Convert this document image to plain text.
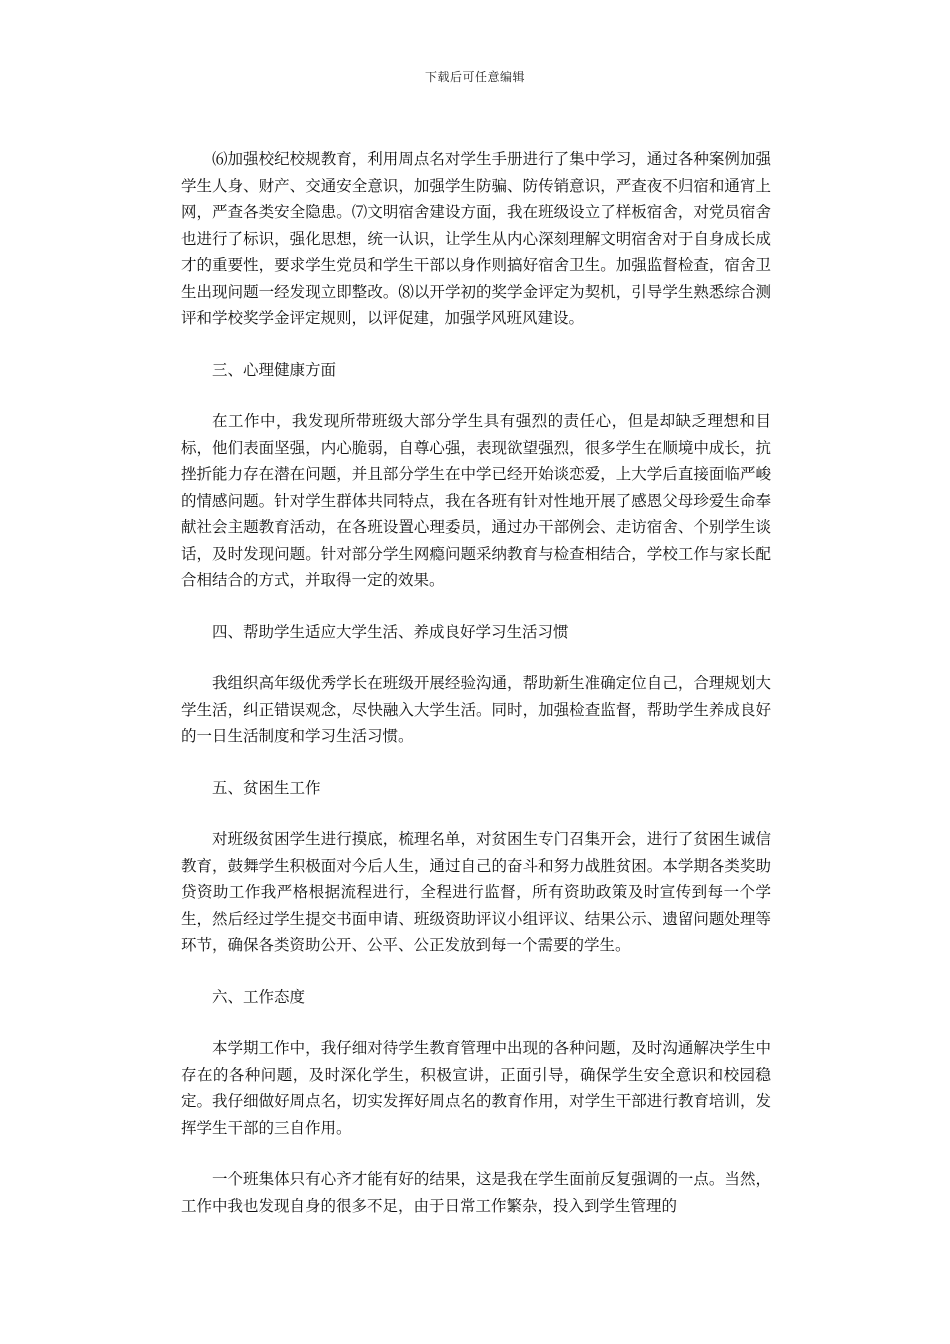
下载后可任意编辑

⑹加强校纪校规教育，利用周点名对学生手册进行了集中学习，通过各种案例加强学生人身、财产、交通安全意识，加强学生防骗、防传销意识，严查夜不归宿和通宵上网，严查各类安全隐患。⑺文明宿舍建设方面，我在班级设立了样板宿舍，对党员宿舍也进行了标识，强化思想，统一认识，让学生从内心深刻理解文明宿舍对于自身成长成才的重要性，要求学生党员和学生干部以身作则搞好宿舍卫生。加强监督检查，宿舍卫生出现问题一经发现立即整改。⑻以开学初的奖学金评定为契机，引导学生熟悉综合测评和学校奖学金评定规则，以评促建，加强学风班风建设。

三、心理健康方面

在工作中，我发现所带班级大部分学生具有强烈的责任心，但是却缺乏理想和目标，他们表面坚强，内心脆弱，自尊心强，表现欲望强烈，很多学生在顺境中成长，抗挫折能力存在潜在问题，并且部分学生在中学已经开始谈恋爱，上大学后直接面临严峻的情感问题。针对学生群体共同特点，我在各班有针对性地开展了感恩父母珍爱生命奉献社会主题教育活动，在各班设置心理委员，通过办干部例会、走访宿舍、个别学生谈话，及时发现问题。针对部分学生网瘾问题采纳教育与检查相结合，学校工作与家长配合相结合的方式，并取得一定的效果。

四、帮助学生适应大学生活、养成良好学习生活习惯

我组织高年级优秀学长在班级开展经验沟通，帮助新生准确定位自己，合理规划大学生活，纠正错误观念，尽快融入大学生活。同时，加强检查监督，帮助学生养成良好的一日生活制度和学习生活习惯。

五、贫困生工作

对班级贫困学生进行摸底，梳理名单，对贫困生专门召集开会，进行了贫困生诚信教育，鼓舞学生积极面对今后人生，通过自己的奋斗和努力战胜贫困。本学期各类奖助贷资助工作我严格根据流程进行，全程进行监督，所有资助政策及时宣传到每一个学生，然后经过学生提交书面申请、班级资助评议小组评议、结果公示、遗留问题处理等环节，确保各类资助公开、公平、公正发放到每一个需要的学生。

六、工作态度

本学期工作中，我仔细对待学生教育管理中出现的各种问题，及时沟通解决学生中存在的各种问题，及时深化学生，积极宣讲，正面引导，确保学生安全意识和校园稳定。我仔细做好周点名，切实发挥好周点名的教育作用，对学生干部进行教育培训，发挥学生干部的三自作用。

一个班集体只有心齐才能有好的结果，这是我在学生面前反复强调的一点。当然，工作中我也发现自身的很多不足，由于日常工作繁杂，投入到学生管理的
